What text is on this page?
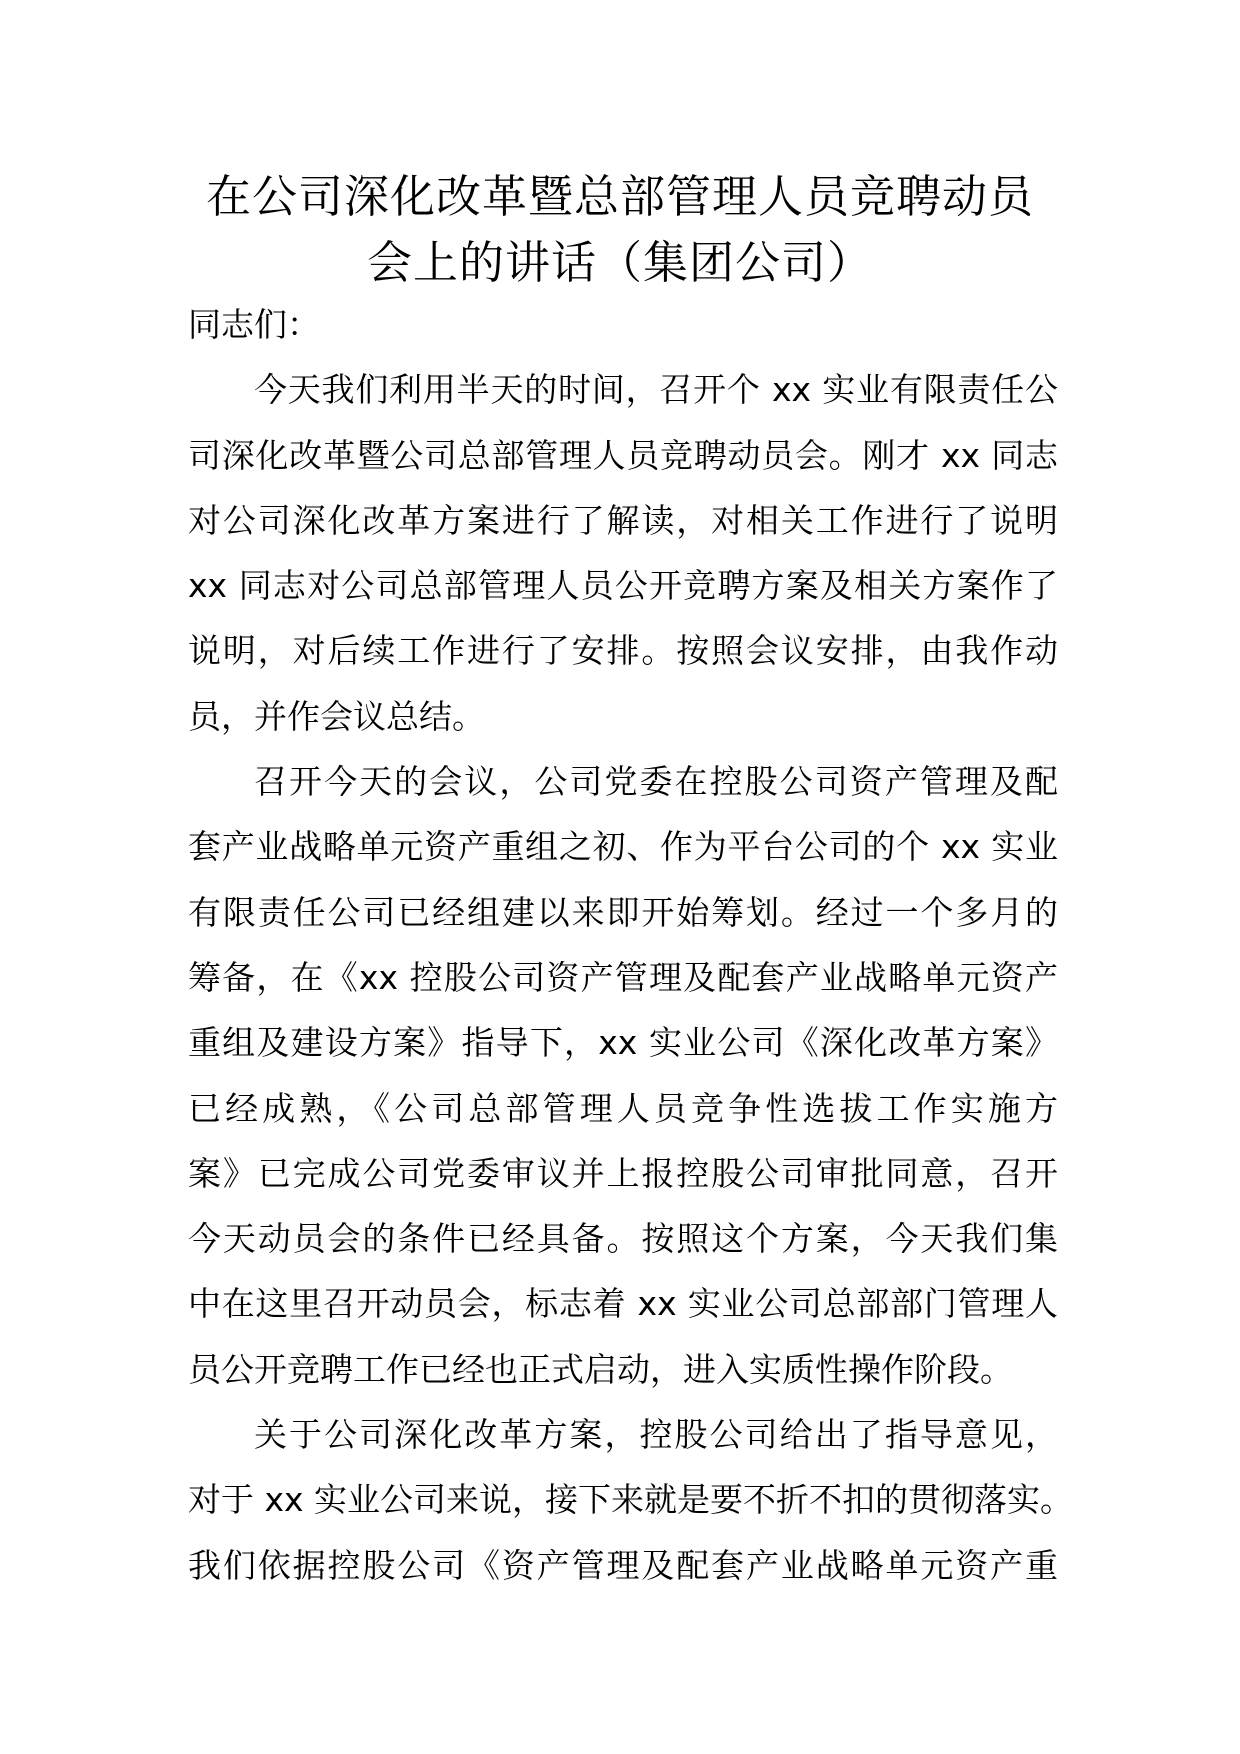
在公司深化改革暨总部管理人员竞聘动员
会上的讲话（集团公司）

同志们：

今天我们利用半天的时间，召开个 xx 实业有限责任公
司深化改革暨公司总部管理人员竞聘动员会。刚才 xx 同志
对公司深化改革方案进行了解读，对相关工作进行了说明
xx 同志对公司总部管理人员公开竞聘方案及相关方案作了
说明，对后续工作进行了安排。按照会议安排，由我作动
员，并作会议总结。

召开今天的会议，公司党委在控股公司资产管理及配
套产业战略单元资产重组之初、作为平台公司的个 xx 实业
有限责任公司已经组建以来即开始筹划。经过一个多月的
筹备，在《xx 控股公司资产管理及配套产业战略单元资产
重组及建设方案》指导下，xx 实业公司《深化改革方案》
已经成熟，《公司总部管理人员竞争性选拔工作实施方
案》已完成公司党委审议并上报控股公司审批同意，召开
今天动员会的条件已经具备。按照这个方案，今天我们集
中在这里召开动员会，标志着 xx 实业公司总部部门管理人
员公开竞聘工作已经也正式启动，进入实质性操作阶段。

关于公司深化改革方案，控股公司给出了指导意见，
对于 xx 实业公司来说，接下来就是要不折不扣的贯彻落实。
我们依据控股公司《资产管理及配套产业战略单元资产重
